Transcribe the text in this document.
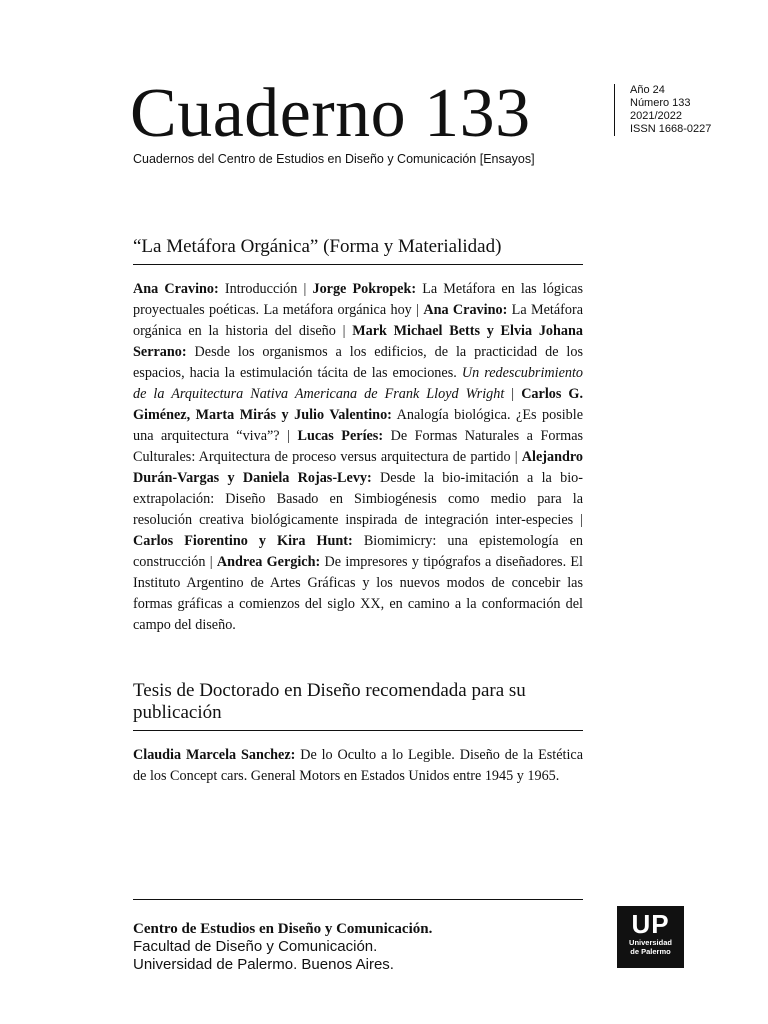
Cuaderno 133
Cuadernos del Centro de Estudios en Diseño y Comunicación [Ensayos]
Año 24
Número 133
2021/2022
ISSN 1668-0227
“La Metáfora Orgánica” (Forma y Materialidad)
Ana Cravino: Introducción | Jorge Pokropek: La Metáfora en las lógicas proyectuales poéticas. La metáfora orgánica hoy | Ana Cravino: La Metáfora orgánica en la historia del diseño | Mark Michael Betts y Elvia Johana Serrano: Desde los organismos a los edificios, de la practicidad de los espacios, hacia la estimulación tácita de las emociones. Un redescubrimiento de la Arquitectura Nativa Americana de Frank Lloyd Wright | Carlos G. Giménez, Marta Mirás y Julio Valentino: Analogía biológica. ¿Es posible una arquitectura “viva”? | Lucas Períes: De Formas Naturales a Formas Culturales: Arquitectura de proceso versus arquitectura de partido | Alejandro Durán-Vargas y Daniela Rojas-Levy: Desde la bio-imitación a la bio-extrapolación: Diseño Basado en Simbiogénesis como medio para la resolución creativa biológicamente inspirada de integración inter-especies | Carlos Fiorentino y Kira Hunt: Biomimicry: una epistemología en construcción | Andrea Gergich: De impresores y tipógrafos a diseñadores. El Instituto Argentino de Artes Gráficas y los nuevos modos de concebir las formas gráficas a comienzos del siglo XX, en camino a la conformación del campo del diseño.
Tesis de Doctorado en Diseño recomendada para su publicación
Claudia Marcela Sanchez: De lo Oculto a lo Legible. Diseño de la Estética de los Concept cars. General Motors en Estados Unidos entre 1945 y 1965.
Centro de Estudios en Diseño y Comunicación.
Facultad de Diseño y Comunicación.
Universidad de Palermo. Buenos Aires.
UP
Universidad
de Palermo
